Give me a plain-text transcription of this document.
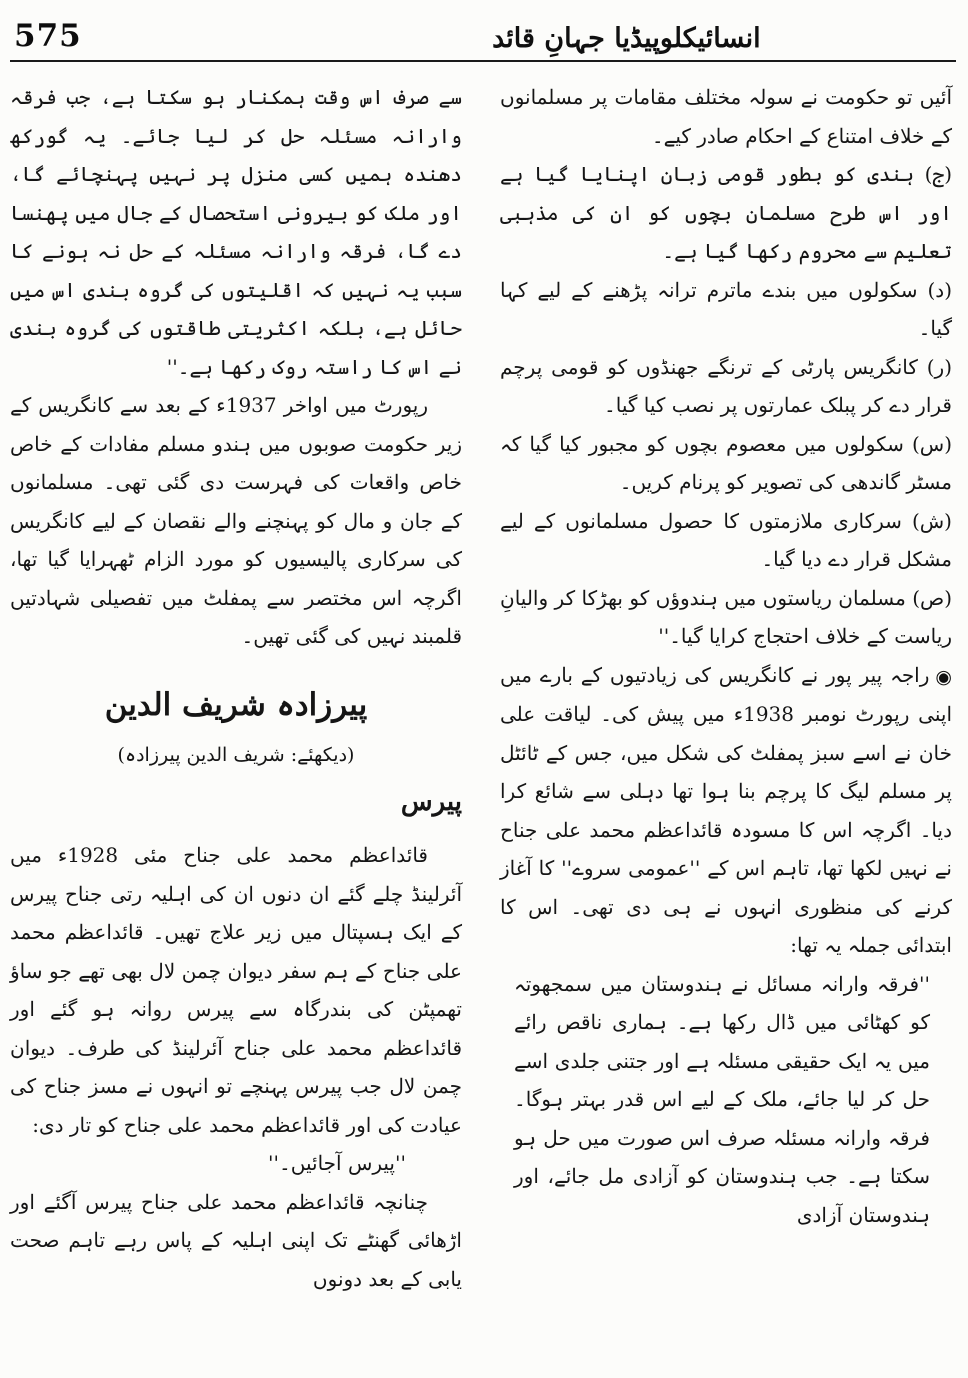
575	انسائیکلوپیڈیا جہانِ قائد

سے صرف اس وقت ہمکنار ہو سکتا ہے، جب فرقہ وارانہ مسئلہ حل کر لیا جائے۔ یہ گورکھ دھندہ ہمیں کسی منزل پر نہیں پہنچائے گا، اور ملک کو بیرونی استحصال کے جال میں پھنسا دے گا، فرقہ وارانہ مسئلہ کے حل نہ ہونے کا سبب یہ نہیں کہ اقلیتوں کی گروہ بندی اس میں حائل ہے، بلکہ اکثریتی طاقتوں کی گروہ بندی نے اس کا راستہ روک رکھا ہے۔''

رپورٹ میں اواخر 1937ء کے بعد سے کانگریس کے زیر حکومت صوبوں میں ہندو مسلم مفادات کے خاص خاص واقعات کی فہرست دی گئی تھی۔ مسلمانوں کے جان و مال کو پہنچنے والے نقصان کے لیے کانگریس کی سرکاری پالیسیوں کو مورد الزام ٹھہرایا گیا تھا، اگرچہ اس مختصر سے پمفلٹ میں تفصیلی شہادتیں قلمبند نہیں کی گئی تھیں۔

پیرزادہ شریف الدین

(دیکھئے: شریف الدین پیرزادہ)

پیرس

قائداعظم محمد علی جناح مئی 1928ء میں آئرلینڈ چلے گئے ان دنوں ان کی اہلیہ رتی جناح پیرس کے ایک ہسپتال میں زیر علاج تھیں۔ قائداعظم محمد علی جناح کے ہم سفر دیوان چمن لال بھی تھے جو ساؤ تھمپٹن کی بندرگاہ سے پیرس روانہ ہو گئے اور قائداعظم محمد علی جناح آئرلینڈ کی طرف۔ دیوان چمن لال جب پیرس پہنچے تو انہوں نے مسز جناح کی عیادت کی اور قائداعظم محمد علی جناح کو تار دی:

''پیرس آجائیں۔''

چنانچہ قائداعظم محمد علی جناح پیرس آگئے اور اڑھائی گھنٹے تک اپنی اہلیہ کے پاس رہے تاہم صحت یابی کے بعد دونوں

آئیں تو حکومت نے سولہ مختلف مقامات پر مسلمانوں کے خلاف امتناع کے احکام صادر کیے۔

(ج) ہندی کو بطور قومی زبان اپنایا گیا ہے اور اس طرح مسلمان بچوں کو ان کی مذہبی تعلیم سے محروم رکھا گیا ہے۔

(د) سکولوں میں بندے ماترم ترانہ پڑھنے کے لیے کہا گیا۔

(ر) کانگریس پارٹی کے ترنگے جھنڈوں کو قومی پرچم قرار دے کر پبلک عمارتوں پر نصب کیا گیا۔

(س) سکولوں میں معصوم بچوں کو مجبور کیا گیا کہ مسٹر گاندھی کی تصویر کو پرنام کریں۔

(ش) سرکاری ملازمتوں کا حصول مسلمانوں کے لیے مشکل قرار دے دیا گیا۔

(ص) مسلمان ریاستوں میں ہندوؤں کو بھڑکا کر والیانِ ریاست کے خلاف احتجاج کرایا گیا۔''

◉راجہ پیر پور نے کانگریس کی زیادتیوں کے بارے میں اپنی رپورٹ نومبر 1938ء میں پیش کی۔ لیاقت علی خان نے اسے سبز پمفلٹ کی شکل میں، جس کے ٹائٹل پر مسلم لیگ کا پرچم بنا ہوا تھا دہلی سے شائع کرا دیا۔ اگرچہ اس کا مسودہ قائداعظم محمد علی جناح نے نہیں لکھا تھا، تاہم اس کے ''عمومی سروے'' کا آغاز کرنے کی منظوری انہوں نے ہی دی تھی۔ اس کا ابتدائی جملہ یہ تھا:

''فرقہ وارانہ مسائل نے ہندوستان میں سمجھوتہ کو کھٹائی میں ڈال رکھا ہے۔ ہماری ناقص رائے میں یہ ایک حقیقی مسئلہ ہے اور جتنی جلدی اسے حل کر لیا جائے، ملک کے لیے اس قدر بہتر ہوگا۔ فرقہ وارانہ مسئلہ صرف اس صورت میں حل ہو سکتا ہے۔ جب ہندوستان کو آزادی مل جائے، اور ہندوستان آزادی
